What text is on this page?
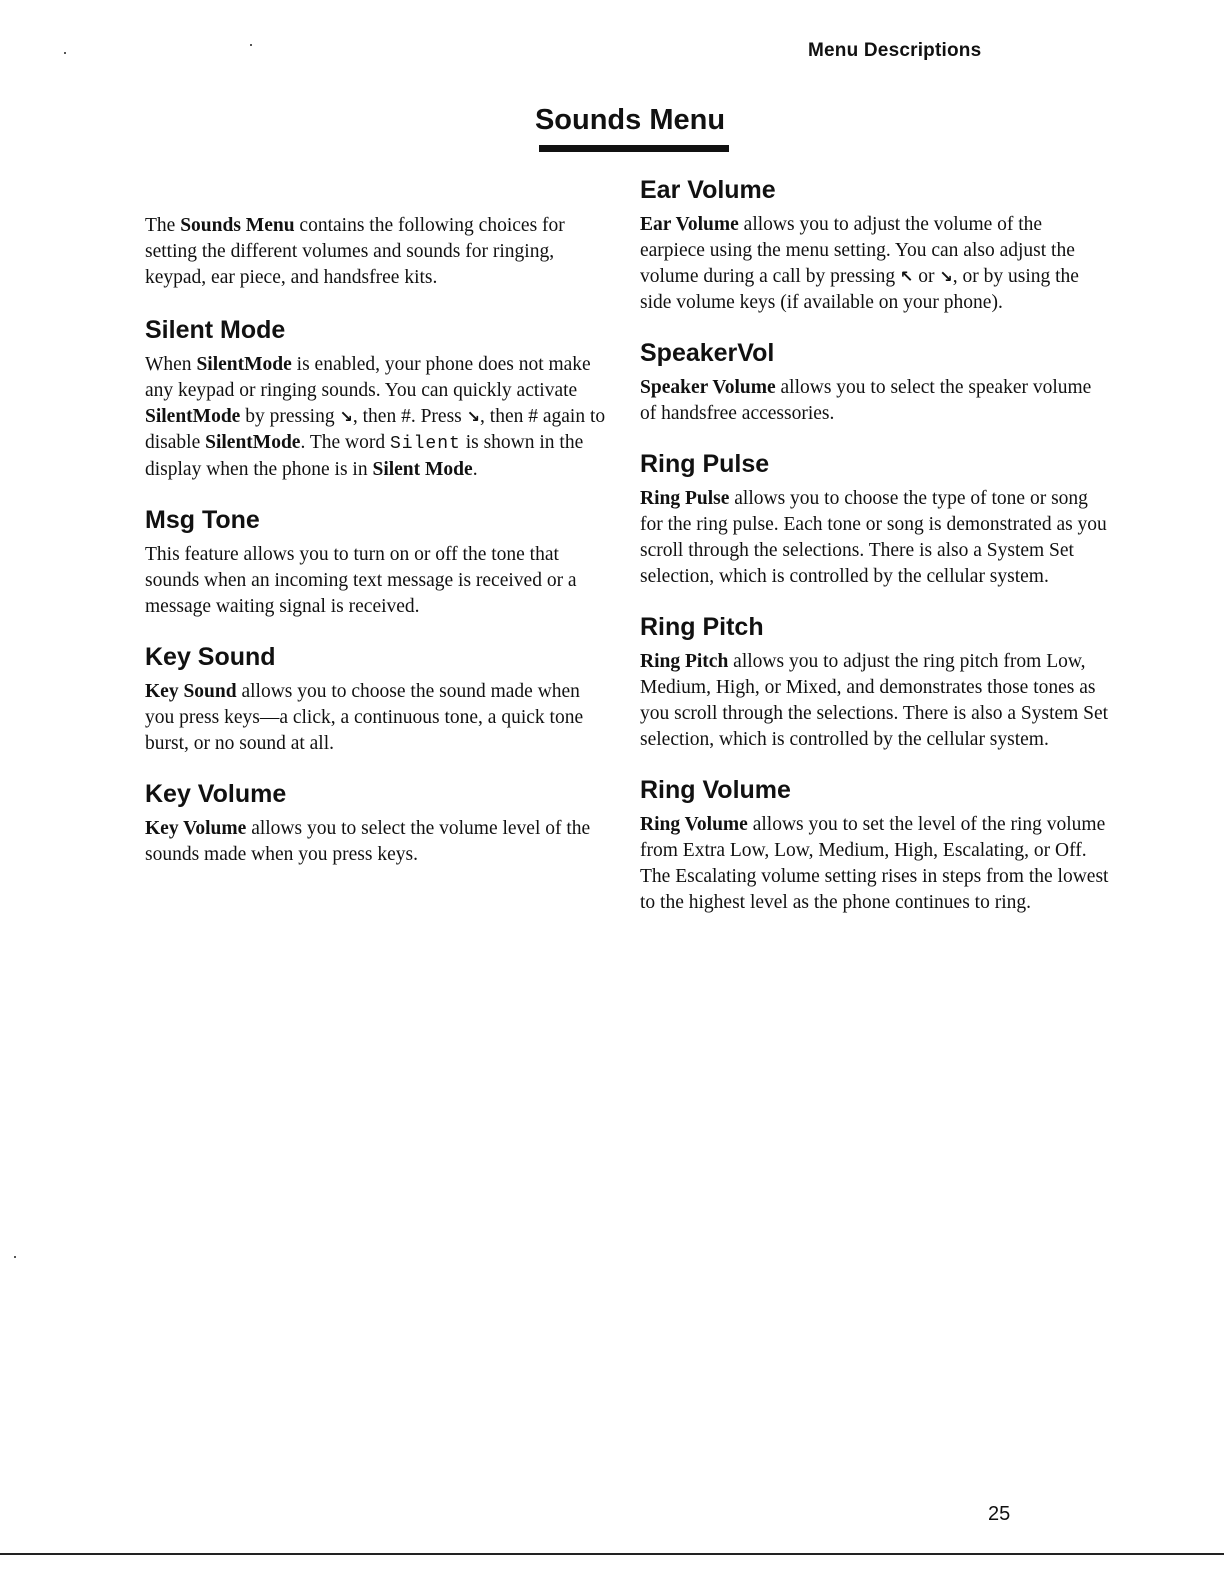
Menu Descriptions
Sounds Menu

The Sounds Menu contains the following choices for setting the different volumes and sounds for ringing, keypad, ear piece, and handsfree kits.

Silent Mode

When SilentMode is enabled, your phone does not make any keypad or ringing sounds. You can quickly activate SilentMode by pressing ↘, then #. Press ↘, then # again to disable SilentMode. The word Silent is shown in the display when the phone is in Silent Mode.

Msg Tone

This feature allows you to turn on or off the tone that sounds when an incoming text message is received or a message waiting signal is received.

Key Sound

Key Sound allows you to choose the sound made when you press keys—a click, a continuous tone, a quick tone burst, or no sound at all.

Key Volume

Key Volume allows you to select the volume level of the sounds made when you press keys.

Ear Volume

Ear Volume allows you to adjust the volume of the earpiece using the menu setting. You can also adjust the volume during a call by pressing ↖ or ↘, or by using the side volume keys (if available on your phone).

SpeakerVol

Speaker Volume allows you to select the speaker volume of handsfree accessories.

Ring Pulse

Ring Pulse allows you to choose the type of tone or song for the ring pulse. Each tone or song is demonstrated as you scroll through the selections. There is also a System Set selection, which is controlled by the cellular system.

Ring Pitch

Ring Pitch allows you to adjust the ring pitch from Low, Medium, High, or Mixed, and demonstrates those tones as you scroll through the selections. There is also a System Set selection, which is controlled by the cellular system.

Ring Volume

Ring Volume allows you to set the level of the ring volume from Extra Low, Low, Medium, High, Escalating, or Off. The Escalating volume setting rises in steps from the lowest to the highest level as the phone continues to ring.

25
